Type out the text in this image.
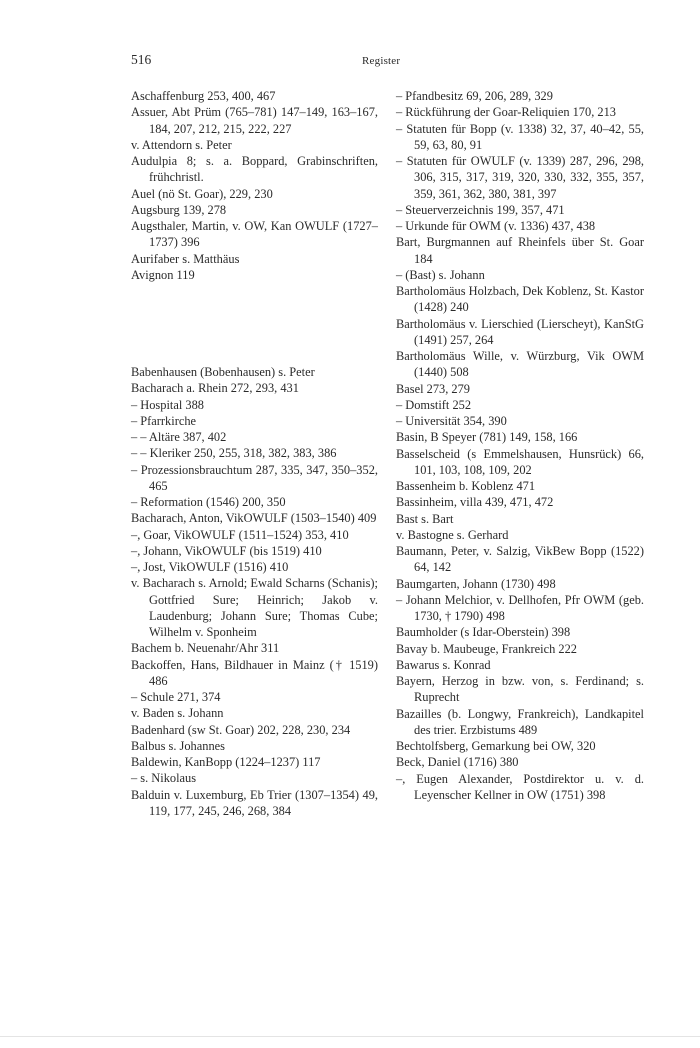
516	Register
Aschaffenburg 253, 400, 467
Assuer, Abt Prüm (765–781) 147–149, 163–167, 184, 207, 212, 215, 222, 227
v. Attendorn s. Peter
Audulpia 8; s. a. Boppard, Grabinschriften, frühchristl.
Auel (nö St. Goar), 229, 230
Augsburg 139, 278
Augsthaler, Martin, v. OW, Kan OWULF (1727–1737) 396
Aurifaber s. Matthäus
Avignon 119
Babenhausen (Bobenhausen) s. Peter
Bacharach a. Rhein 272, 293, 431
– Hospital 388
– Pfarrkirche
– – Altäre 387, 402
– – Kleriker 250, 255, 318, 382, 383, 386
– Prozessionsbrauchtum 287, 335, 347, 350–352, 465
– Reformation (1546) 200, 350
Bacharach, Anton, VikOWULF (1503–1540) 409
–, Goar, VikOWULF (1511–1524) 353, 410
–, Johann, VikOWULF (bis 1519) 410
–, Jost, VikOWULF (1516) 410
v. Bacharach s. Arnold; Ewald Scharns (Schanis); Gottfried Sure; Heinrich; Jakob v. Laudenburg; Johann Sure; Thomas Cube; Wilhelm v. Sponheim
Bachem b. Neuenahr/Ahr 311
Backoffen, Hans, Bildhauer in Mainz († 1519) 486
– Schule 271, 374
v. Baden s. Johann
Badenhard (sw St. Goar) 202, 228, 230, 234
Balbus s. Johannes
Baldewin, KanBopp (1224–1237) 117
– s. Nikolaus
Balduin v. Luxemburg, Eb Trier (1307–1354) 49, 119, 177, 245, 246, 268, 384
– Pfandbesitz 69, 206, 289, 329
– Rückführung der Goar-Reliquien 170, 213
– Statuten für Bopp (v. 1338) 32, 37, 40–42, 55, 59, 63, 80, 91
– Statuten für OWULF (v. 1339) 287, 296, 298, 306, 315, 317, 319, 320, 330, 332, 355, 357, 359, 361, 362, 380, 381, 397
– Steuerverzeichnis 199, 357, 471
– Urkunde für OWM (v. 1336) 437, 438
Bart, Burgmannen auf Rheinfels über St. Goar 184
– (Bast) s. Johann
Bartholomäus Holzbach, Dek Koblenz, St. Kastor (1428) 240
Bartholomäus v. Lierschied (Lierscheyt), KanStG (1491) 257, 264
Bartholomäus Wille, v. Würzburg, Vik OWM (1440) 508
Basel 273, 279
– Domstift 252
– Universität 354, 390
Basin, B Speyer (781) 149, 158, 166
Basselscheid (s Emmelshausen, Hunsrück) 66, 101, 103, 108, 109, 202
Bassenheim b. Koblenz 471
Bassinheim, villa 439, 471, 472
Bast s. Bart
v. Bastogne s. Gerhard
Baumann, Peter, v. Salzig, VikBew Bopp (1522) 64, 142
Baumgarten, Johann (1730) 498
– Johann Melchior, v. Dellhofen, Pfr OWM (geb. 1730, † 1790) 498
Baumholder (s Idar-Oberstein) 398
Bavay b. Maubeuge, Frankreich 222
Bawarus s. Konrad
Bayern, Herzog in bzw. von, s. Ferdinand; s. Ruprecht
Bazailles (b. Longwy, Frankreich), Landkapitel des trier. Erzbistums 489
Bechtolfsberg, Gemarkung bei OW, 320
Beck, Daniel (1716) 380
–, Eugen Alexander, Postdirektor u. v. d. Leyenscher Kellner in OW (1751) 398
